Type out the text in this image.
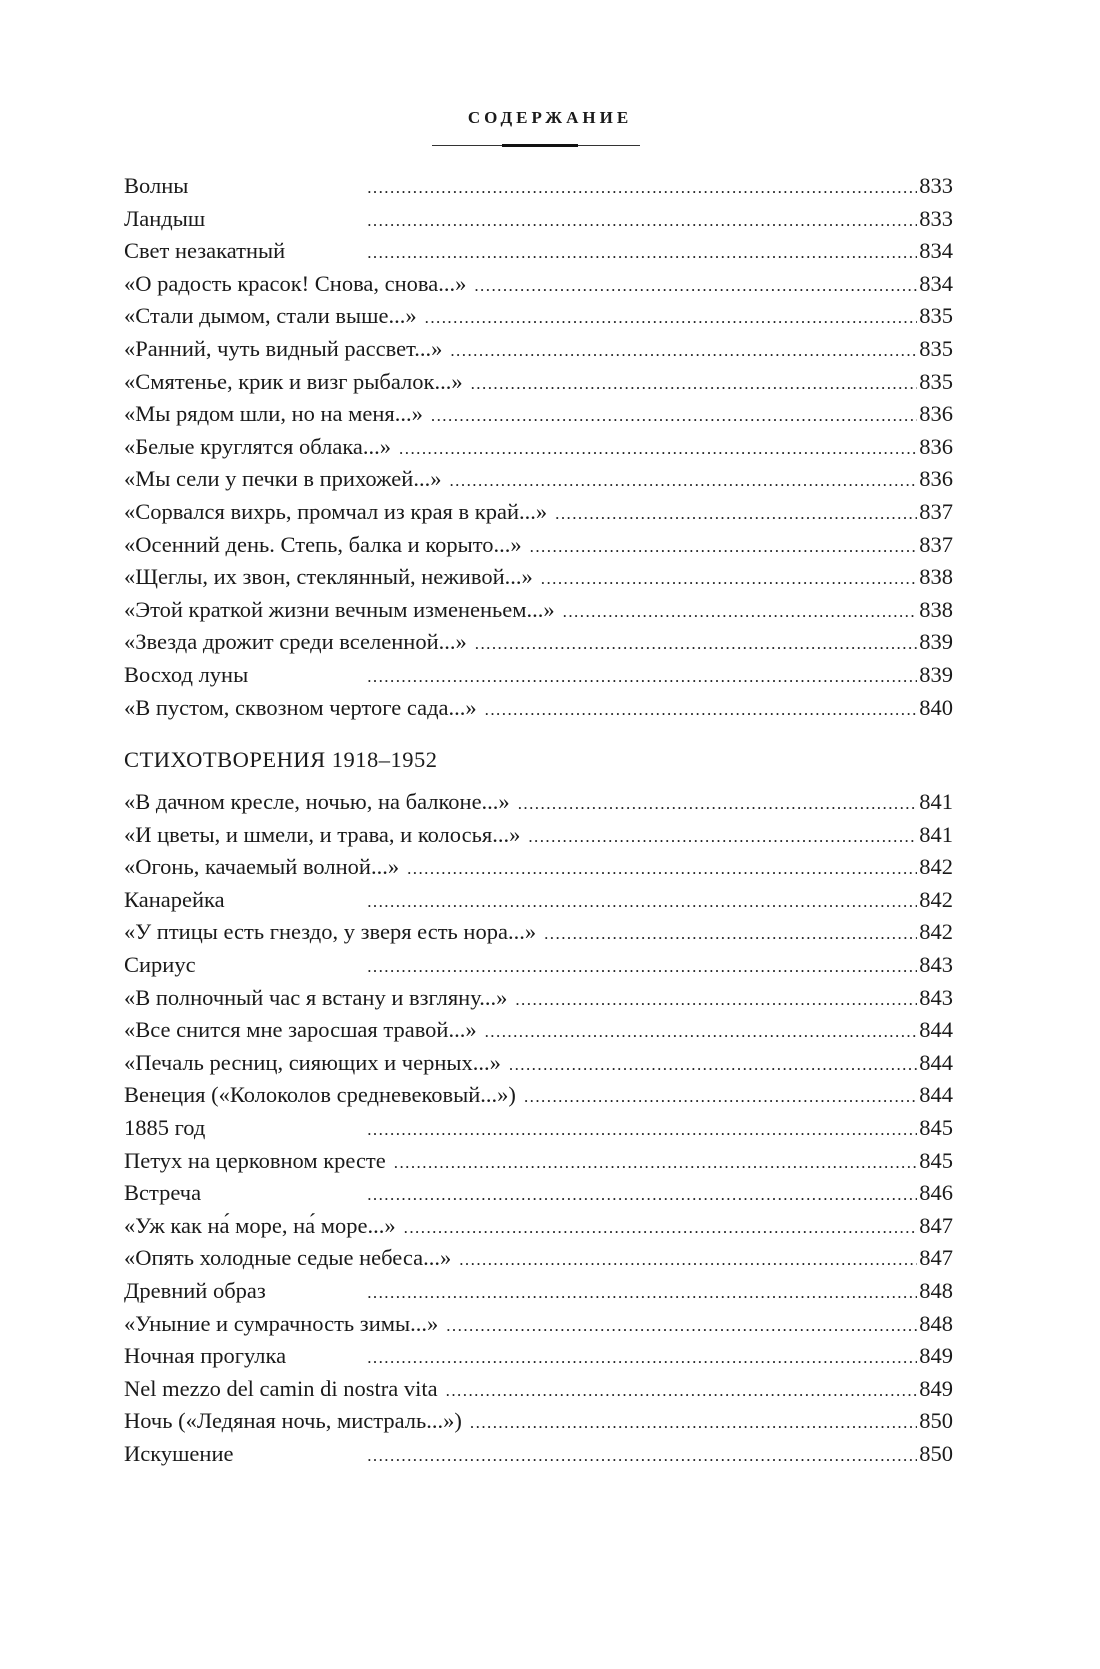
СОДЕРЖАНИЕ
Волны . . .	833
Ландыш . . .	833
Свет незакатный . . .	834
«О радость красок! Снова, снова...» . . .	834
«Стали дымом, стали выше...» . . .	835
«Ранний, чуть видный рассвет...» . . .	835
«Смятенье, крик и визг рыбалок...» . . .	835
«Мы рядом шли, но на меня...» . . .	836
«Белые круглятся облака...» . . .	836
«Мы сели у печки в прихожей...» . . .	836
«Сорвался вихрь, промчал из края в край...» . . .	837
«Осенний день. Степь, балка и корыто...» . . .	837
«Щеглы, их звон, стеклянный, неживой...» . . .	838
«Этой краткой жизни вечным измененьем...» . . .	838
«Звезда дрожит среди вселенной...» . . .	839
Восход луны . . .	839
«В пустом, сквозном чертоге сада...» . . .	840
СТИХОТВОРЕНИЯ 1918–1952
«В дачном кресле, ночью, на балконе...» . . .	841
«И цветы, и шмели, и трава, и колосья...» . . .	841
«Огонь, качаемый волной...» . . .	842
Канарейка . . .	842
«У птицы есть гнездо, у зверя есть нора...» . . .	842
Сириус . . .	843
«В полночный час я встану и взгляну...» . . .	843
«Все снится мне заросшая травой...» . . .	844
«Печаль ресниц, сияющих и черных...» . . .	844
Венеция («Колоколов средневековый...») . . .	844
1885 год . . .	845
Петух на церковном кресте . . .	845
Встреча . . .	846
«Уж как на́ море, на́ море...» . . .	847
«Опять холодные седые небеса...» . . .	847
Древний образ . . .	848
«Уныние и сумрачность зимы...» . . .	848
Ночная прогулка . . .	849
Nel mezzo del camin di nostra vita . . .	849
Ночь («Ледяная ночь, мистраль...») . . .	850
Искушение . . .	850
